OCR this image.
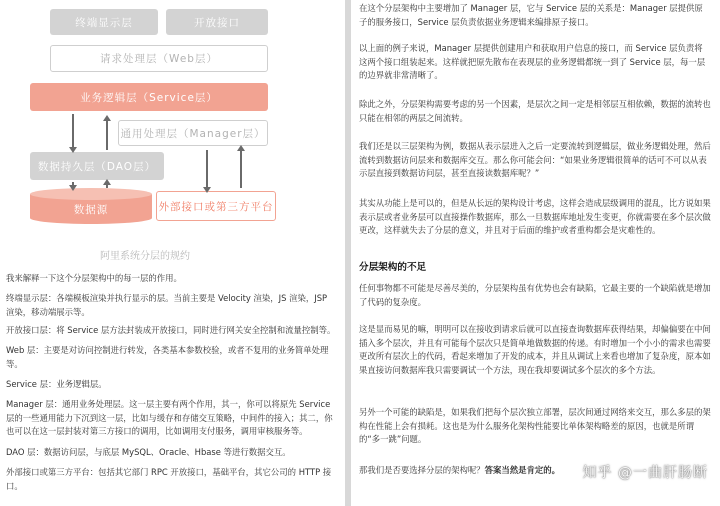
终端显示层	开放接口
请求处理层（Web层）
业务逻辑层（Service层）
通用处理层（Manager层）
数据持久层（DAO层）
数据源	外部接口或第三方平台
阿里系统分层的规约
我来解释一下这个分层架构中的每一层的作用。
终端显示层：各端模板渲染并执行显示的层。当前主要是 Velocity 渲染，JS 渲染，JSP 渲染，移动端展示等。
开放接口层：将 Service 层方法封装成开放接口，同时进行网关安全控制和流量控制等。
Web 层：主要是对访问控制进行转发，各类基本参数校验，或者不复用的业务简单处理等。
Service 层：业务逻辑层。
Manager 层：通用业务处理层。这一层主要有两个作用，其一，你可以将原先 Service 层的一些通用能力下沉到这一层，比如与缓存和存储交互策略，中间件的接入；其二，你也可以在这一层封装对第三方接口的调用，比如调用支付服务，调用审核服务等。
DAO 层：数据访问层，与底层 MySQL、Oracle、Hbase 等进行数据交互。
外部接口或第三方平台：包括其它部门 RPC 开放接口，基础平台，其它公司的 HTTP 接口。
在这个分层架构中主要增加了 Manager 层，它与 Service 层的关系是：Manager 层提供原子的服务接口，Service 层负责依据业务逻辑来编排原子接口。
以上面的例子来说，Manager 层提供创建用户和获取用户信息的接口，而 Service 层负责将这两个接口组装起来。这样就把原先散布在表现层的业务逻辑都统一到了 Service 层，每一层的边界就非常清晰了。
除此之外，分层架构需要考虑的另一个因素，是层次之间一定是相邻层互相依赖，数据的流转也只能在相邻的两层之间流转。
我们还是以三层架构为例，数据从表示层进入之后一定要流转到逻辑层，做业务逻辑处理，然后流转到数据访问层来和数据库交互。那么你可能会问：“如果业务逻辑很简单的话可不可以从表示层直接到数据访问层，甚至直接读数据库呢？”
其实从功能上是可以的，但是从长远的架构设计考虑，这样会造成层级调用的混乱，比方说如果表示层或者业务层可以直接操作数据库，那么一旦数据库地址发生变更，你就需要在多个层次做更改，这样就失去了分层的意义，并且对于后面的维护或者重构都会是灾难性的。
分层架构的不足
任何事物都不可能是尽善尽美的，分层架构虽有优势也会有缺陷，它最主要的一个缺陷就是增加了代码的复杂度。
这是显而易见的嘛，明明可以在接收到请求后就可以直接查询数据库获得结果，却偏偏要在中间插入多个层次，并且有可能每个层次只是简单地做数据的传递。有时增加一个小小的需求也需要更改所有层次上的代码，看起来增加了开发的成本，并且从调试上来看也增加了复杂度，原本如果直接访问数据库我只需要调试一个方法，现在我却要调试多个层次的多个方法。
另外一个可能的缺陷是，如果我们把每个层次独立部署，层次间通过网络来交互，那么多层的架构在性能上会有损耗。这也是为什么服务化架构性能要比单体架构略差的原因，也就是所谓的“多一跳”问题。
那我们是否要选择分层的架构呢？答案当然是肯定的。	知乎 @一曲肝肠断
